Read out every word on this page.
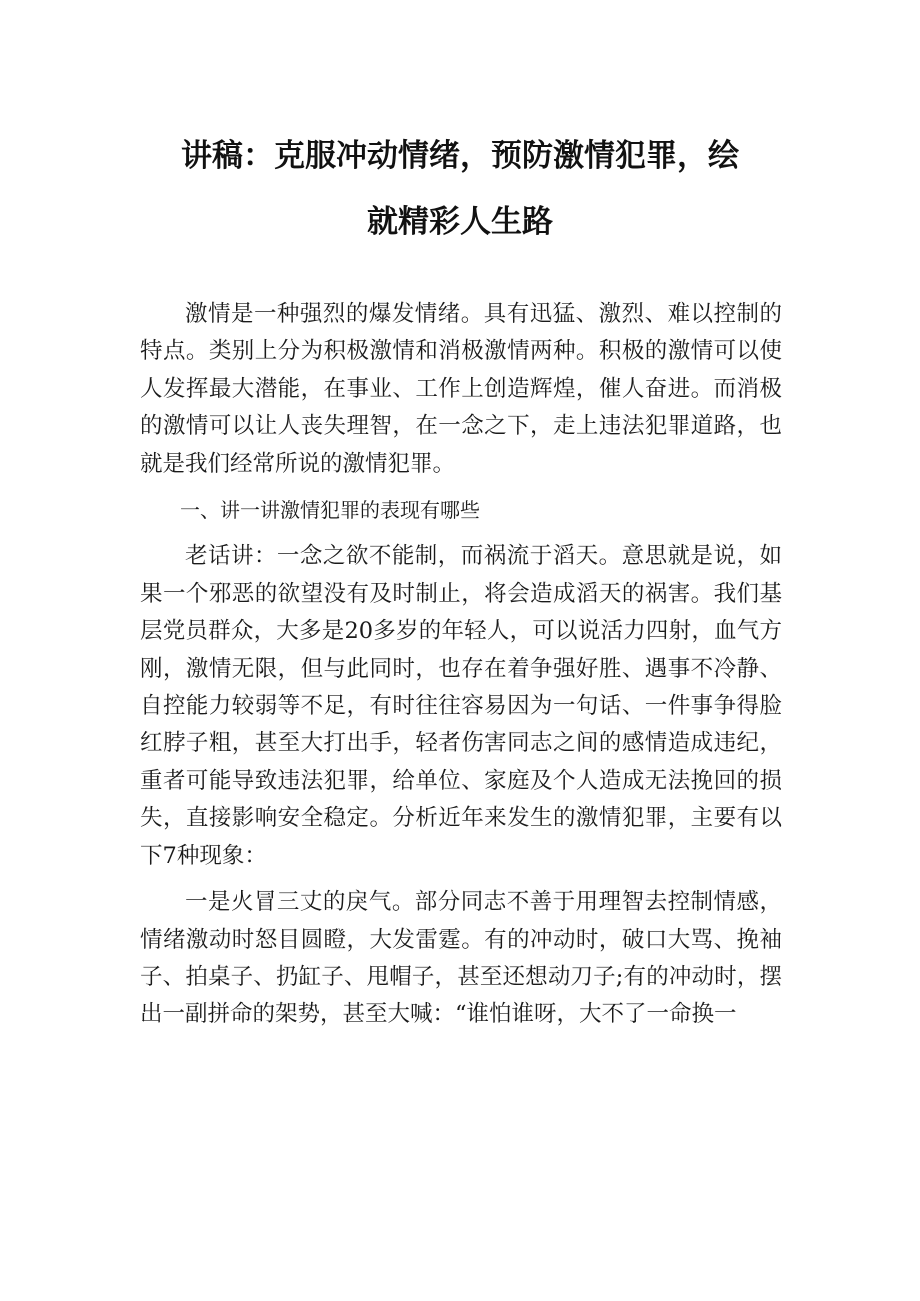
讲稿：克服冲动情绪，预防激情犯罪，绘
就精彩人生路

激情是一种强烈的爆发情绪。具有迅猛、激烈、难以控制的特点。类别上分为积极激情和消极激情两种。积极的激情可以使人发挥最大潜能，在事业、工作上创造辉煌，催人奋进。而消极的激情可以让人丧失理智，在一念之下，走上违法犯罪道路，也就是我们经常所说的激情犯罪。

一、讲一讲激情犯罪的表现有哪些

老话讲：一念之欲不能制，而祸流于滔天。意思就是说，如果一个邪恶的欲望没有及时制止，将会造成滔天的祸害。我们基层党员群众，大多是20多岁的年轻人，可以说活力四射，血气方刚，激情无限，但与此同时，也存在着争强好胜、遇事不冷静、自控能力较弱等不足，有时往往容易因为一句话、一件事争得脸红脖子粗，甚至大打出手，轻者伤害同志之间的感情造成违纪，重者可能导致违法犯罪，给单位、家庭及个人造成无法挽回的损失，直接影响安全稳定。分析近年来发生的激情犯罪，主要有以下7种现象：

一是火冒三丈的戾气。部分同志不善于用理智去控制情感，情绪激动时怒目圆瞪，大发雷霆。有的冲动时，破口大骂、挽袖子、拍桌子、扔缸子、甩帽子，甚至还想动刀子;有的冲动时，摆出一副拼命的架势，甚至大喊：“谁怕谁呀，大不了一命换一
